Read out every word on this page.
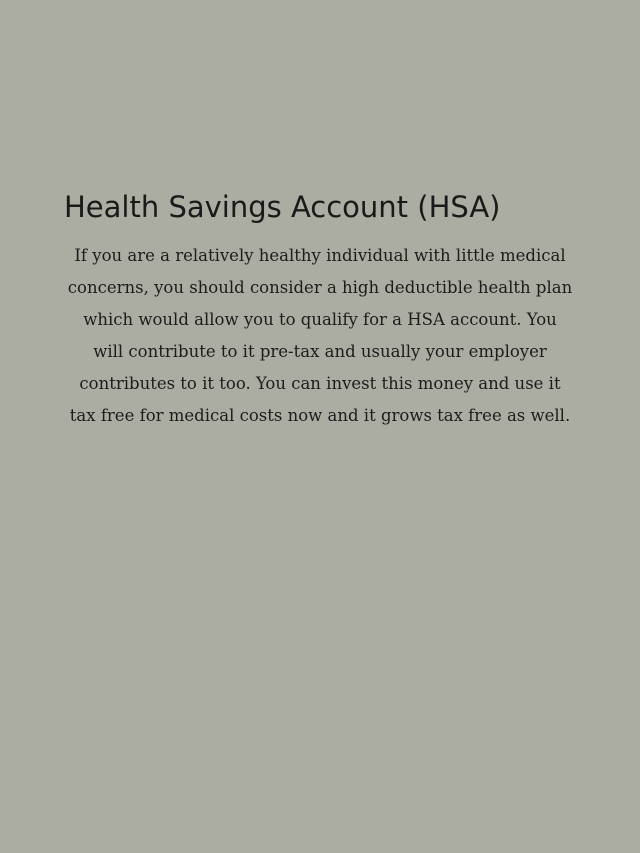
Health Savings Account (HSA)

If you are a relatively healthy individual with little medical
concerns, you should consider a high deductible health plan
which would allow you to qualify for a HSA account. You
will contribute to it pre-tax and usually your employer
contributes to it too. You can invest this money and use it
tax free for medical costs now and it grows tax free as well.
